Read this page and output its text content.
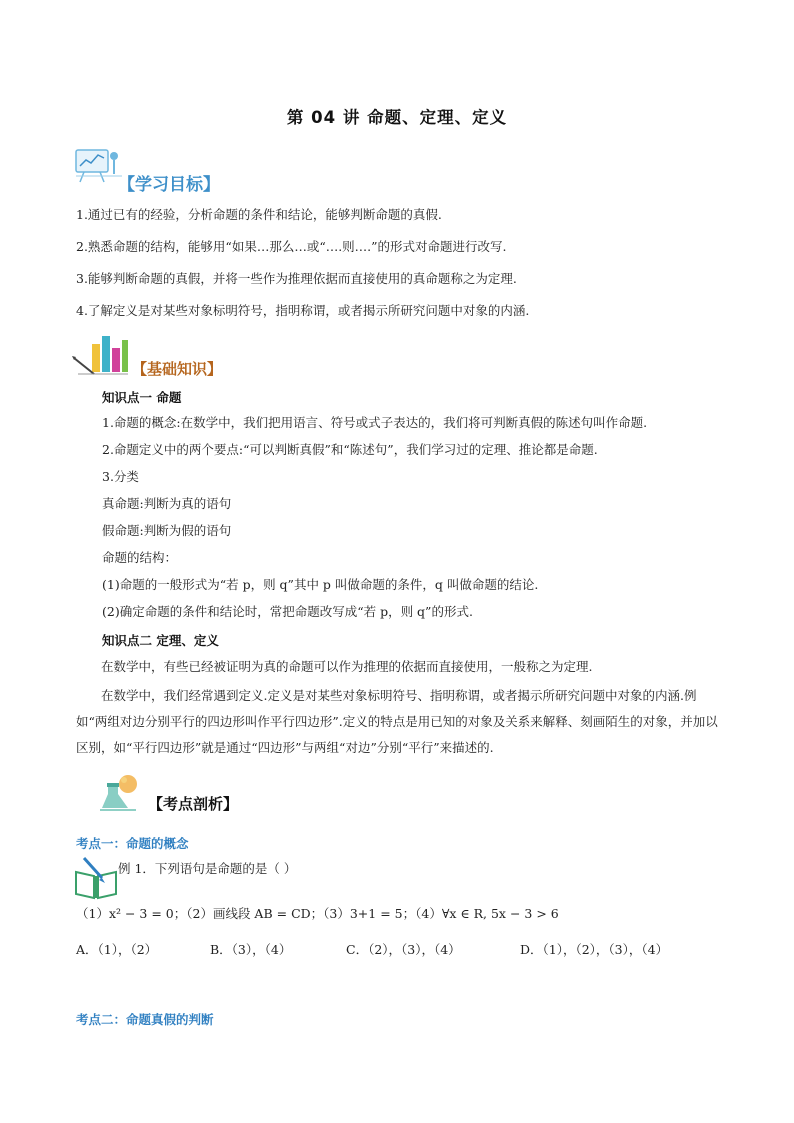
第 04 讲 命题、定理、定义
【学习目标】
1.通过已有的经验，分析命题的条件和结论，能够判断命题的真假.
2.熟悉命题的结构，能够用“如果…那么…或“….则….”的形式对命题进行改写.
3.能够判断命题的真假，并将一些作为推理依据而直接使用的真命题称之为定理.
4.了解定义是对某些对象标明符号，指明称谓，或者揭示所研究问题中对象的内涵.
【基础知识】
知识点一 命题
1.命题的概念:在数学中，我们把用语言、符号或式子表达的，我们将可判断真假的陈述句叫作命题.
2.命题定义中的两个要点:“可以判断真假”和“陈述句”，我们学习过的定理、推论都是命题.
3.分类
真命题:判断为真的语句
假命题:判断为假的语句
命题的结构：
(1)命题的一般形式为“若 p，则 q”其中 p 叫做命题的条件，q 叫做命题的结论.
(2)确定命题的条件和结论时，常把命题改写成“若 p，则 q”的形式.
知识点二 定理、定义
在数学中，有些已经被证明为真的命题可以作为推理的依据而直接使用，一般称之为定理.
在数学中，我们经常遇到定义.定义是对某些对象标明符号、指明称谓，或者揭示所研究问题中对象的内涵.例如“两组对边分别平行的四边形叫作平行四边形”.定义的特点是用已知的对象及关系来解释、刻画陌生的对象，并加以区别，如“平行四边形”就是通过“四边形”与两组“对边”分别“平行”来描述的.
【考点剖析】
考点一：命题的概念
例 1．下列语句是命题的是（ ）
（1）x² − 3 = 0；（2）画线段 AB = CD；（3）3+1 = 5；（4）∀x ∈ R, 5x − 3 > 6
A．（1），（2）	B．（3），（4）	C．（2），（3），（4）	D．（1），（2），（3），（4）
考点二：命题真假的判断
